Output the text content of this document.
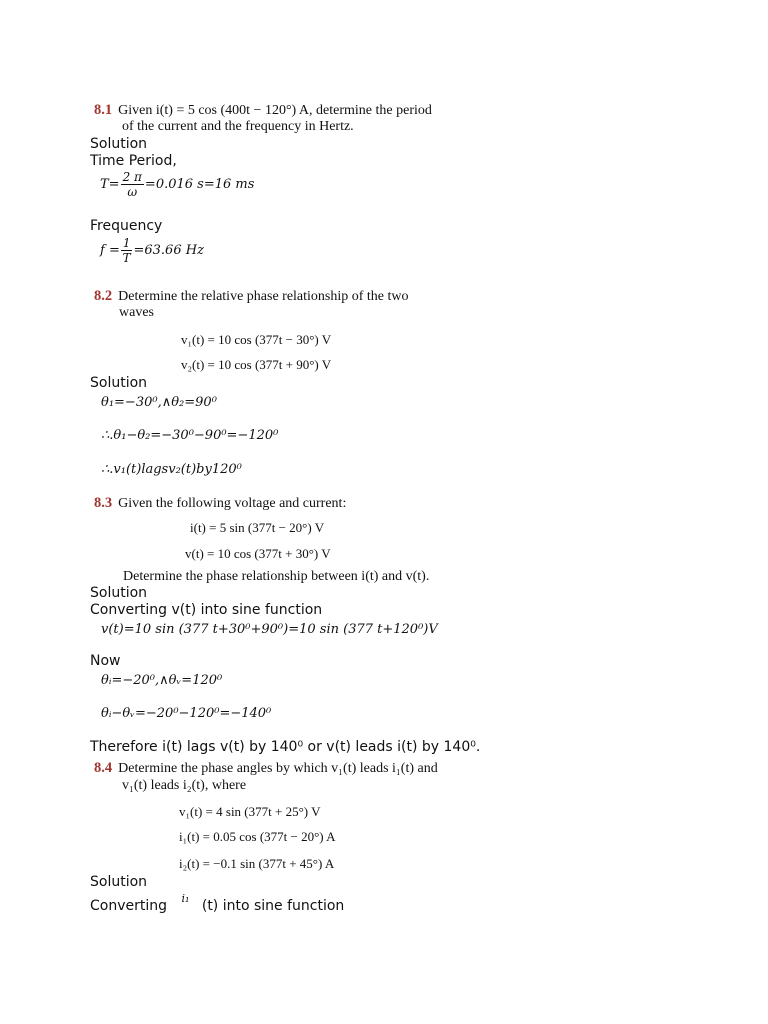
8.1 Given i(t) = 5 cos (400t − 120°) A, determine the period
of the current and the frequency in Hertz.
Solution
Time Period,
$T= \frac{2 \pi}{\omega} =0.016$ s=16 ms
Frequency
$f = \frac{1}{T} =63.66$ Hz
8.2 Determine the relative phase relationship of the two
waves
v₁(t) = 10 cos (377t − 30°) V
v₂(t) = 10 cos (377t + 90°) V
Solution
θ₁=−30⁰,∧θ₂=90⁰
∴.θ₁−θ₂=−30⁰−90⁰=−120⁰
∴.v₁(t)lagsv₂(t)by120⁰
8.3 Given the following voltage and current:
i(t) = 5 sin (377t − 20°) V
v(t) = 10 cos (377t + 30°) V
Determine the phase relationship between i(t) and v(t).
Solution
Converting v(t) into sine function
v(t)=10 sin (377 t+30⁰+90⁰)=10 sin (377 t+120⁰)V
Now
θᵢ=−20⁰,∧θᵥ=120⁰
θᵢ−θᵥ=−20⁰−120⁰=−140⁰
Therefore i(t) lags v(t) by 140⁰ or v(t) leads i(t) by 140⁰.
8.4 Determine the phase angles by which v₁(t) leads i₁(t) and
v₁(t) leads i₂(t), where
v₁(t) = 4 sin (377t + 25°) V
i₁(t) = 0.05 cos (377t − 20°) A
i₂(t) = −0.1 sin (377t + 45°) A
Solution
Converting $^{i_1}$ (t) into sine function
